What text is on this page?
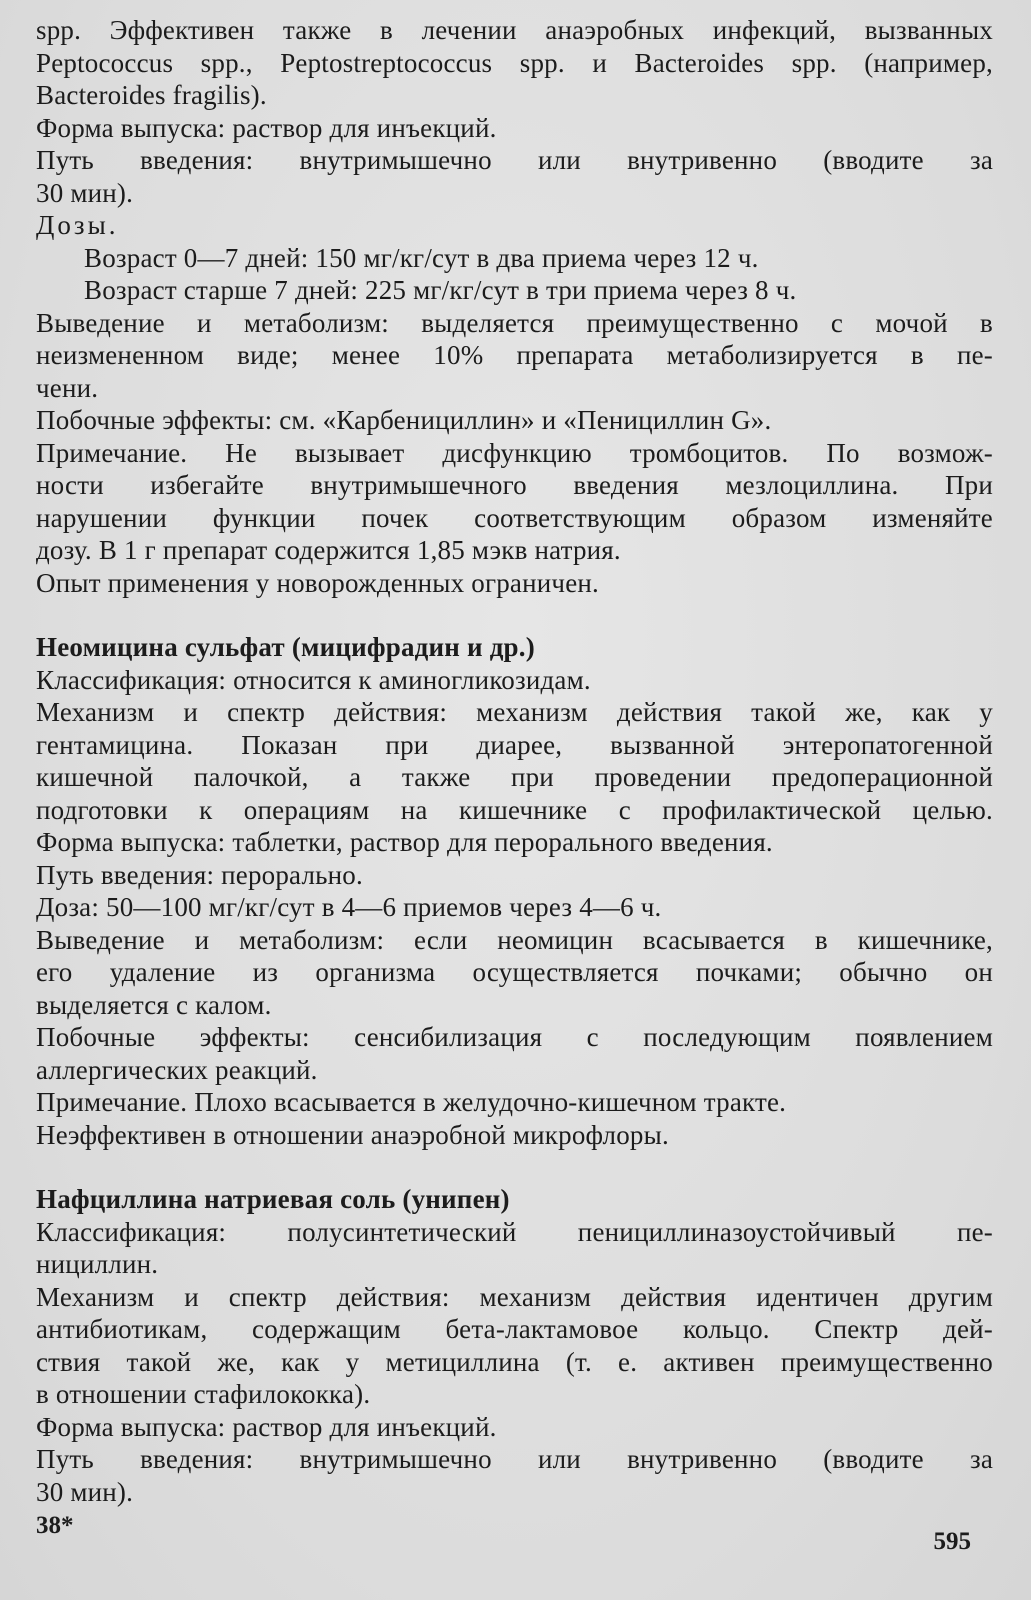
spp. Эффективен также в лечении анаэробных инфекций, вызванных
Peptococcus spp., Peptostreptococcus spp. и Bacteroides spp. (например,
Bacteroides fragilis).
Форма выпуска: раствор для инъекций.
Путь введения: внутримышечно или внутривенно (вводите за
30 мин).
Дозы.
Возраст 0—7 дней: 150 мг/кг/сут в два приема через 12 ч.
Возраст старше 7 дней: 225 мг/кг/сут в три приема через 8 ч.
Выведение и метаболизм: выделяется преимущественно с мочой в
неизмененном виде; менее 10% препарата метаболизируется в пе-
чени.
Побочные эффекты: см. «Карбенициллин» и «Пенициллин G».
Примечание. Не вызывает дисфункцию тромбоцитов. По возмож-
ности избегайте внутримышечного введения мезлоциллина. При
нарушении функции почек соответствующим образом изменяйте
дозу. В 1 г препарат содержится 1,85 мэкв натрия.
Опыт применения у новорожденных ограничен.
Неомицина сульфат (мицифрадин и др.)
Классификация: относится к аминогликозидам.
Механизм и спектр действия: механизм действия такой же, как у
гентамицина. Показан при диарее, вызванной энтеропатогенной
кишечной палочкой, а также при проведении предоперационной
подготовки к операциям на кишечнике с профилактической целью.
Форма выпуска: таблетки, раствор для перорального введения.
Путь введения: перорально.
Доза: 50—100 мг/кг/сут в 4—6 приемов через 4—6 ч.
Выведение и метаболизм: если неомицин всасывается в кишечнике,
его удаление из организма осуществляется почками; обычно он
выделяется с калом.
Побочные эффекты: сенсибилизация с последующим появлением
аллергических реакций.
Примечание. Плохо всасывается в желудочно-кишечном тракте.
Неэффективен в отношении анаэробной микрофлоры.
Нафциллина натриевая соль (унипен)
Классификация: полусинтетический пенициллиназоустойчивый пе-
нициллин.
Механизм и спектр действия: механизм действия идентичен другим
антибиотикам, содержащим бета-лактамовое кольцо. Спектр дей-
ствия такой же, как у метициллина (т. е. активен преимущественно
в отношении стафилококка).
Форма выпуска: раствор для инъекций.
Путь введения: внутримышечно или внутривенно (вводите за
30 мин).
38*
595
